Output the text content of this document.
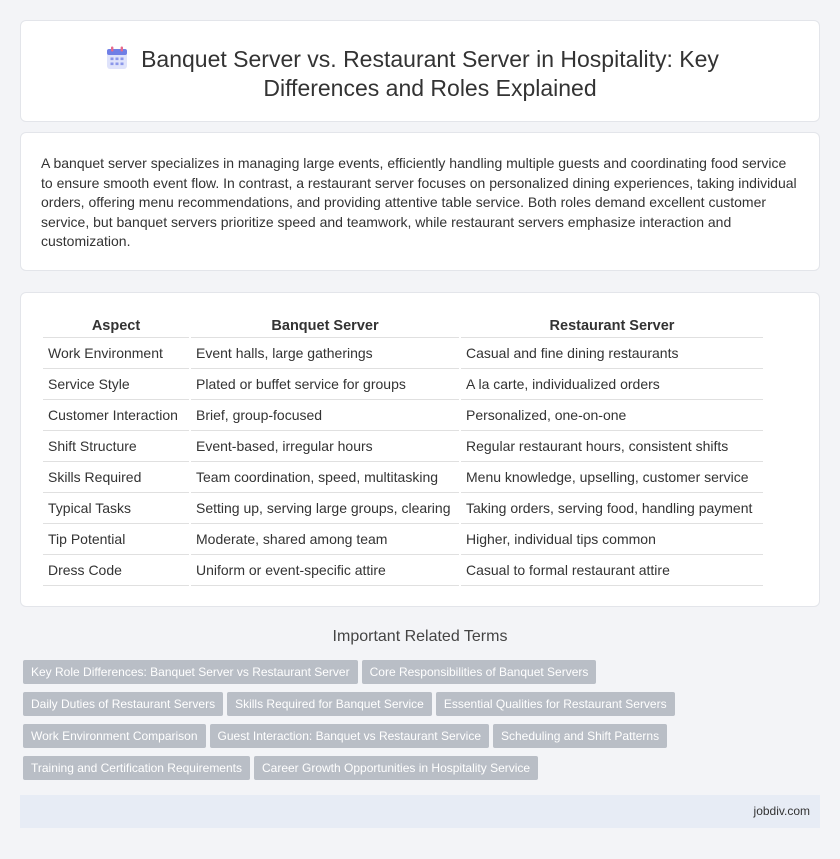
Banquet Server vs. Restaurant Server in Hospitality: Key Differences and Roles Explained

A banquet server specializes in managing large events, efficiently handling multiple guests and coordinating food service to ensure smooth event flow. In contrast, a restaurant server focuses on personalized dining experiences, taking individual orders, offering menu recommendations, and providing attentive table service. Both roles demand excellent customer service, but banquet servers prioritize speed and teamwork, while restaurant servers emphasize interaction and customization.

Aspect	Banquet Server	Restaurant Server
Work Environment	Event halls, large gatherings	Casual and fine dining restaurants
Service Style	Plated or buffet service for groups	A la carte, individualized orders
Customer Interaction	Brief, group-focused	Personalized, one-on-one
Shift Structure	Event-based, irregular hours	Regular restaurant hours, consistent shifts
Skills Required	Team coordination, speed, multitasking	Menu knowledge, upselling, customer service
Typical Tasks	Setting up, serving large groups, clearing	Taking orders, serving food, handling payment
Tip Potential	Moderate, shared among team	Higher, individual tips common
Dress Code	Uniform or event-specific attire	Casual to formal restaurant attire
Important Related Terms
Key Role Differences: Banquet Server vs Restaurant Server Core Responsibilities of Banquet ServersDaily Duties of Restaurant Servers Skills Required for Banquet Service Essential Qualities for Restaurant ServersWork Environment Comparison Guest Interaction: Banquet vs Restaurant Service Scheduling and Shift PatternsTraining and Certification Requirements Career Growth Opportunities in Hospitality Service
jobdiv.com
